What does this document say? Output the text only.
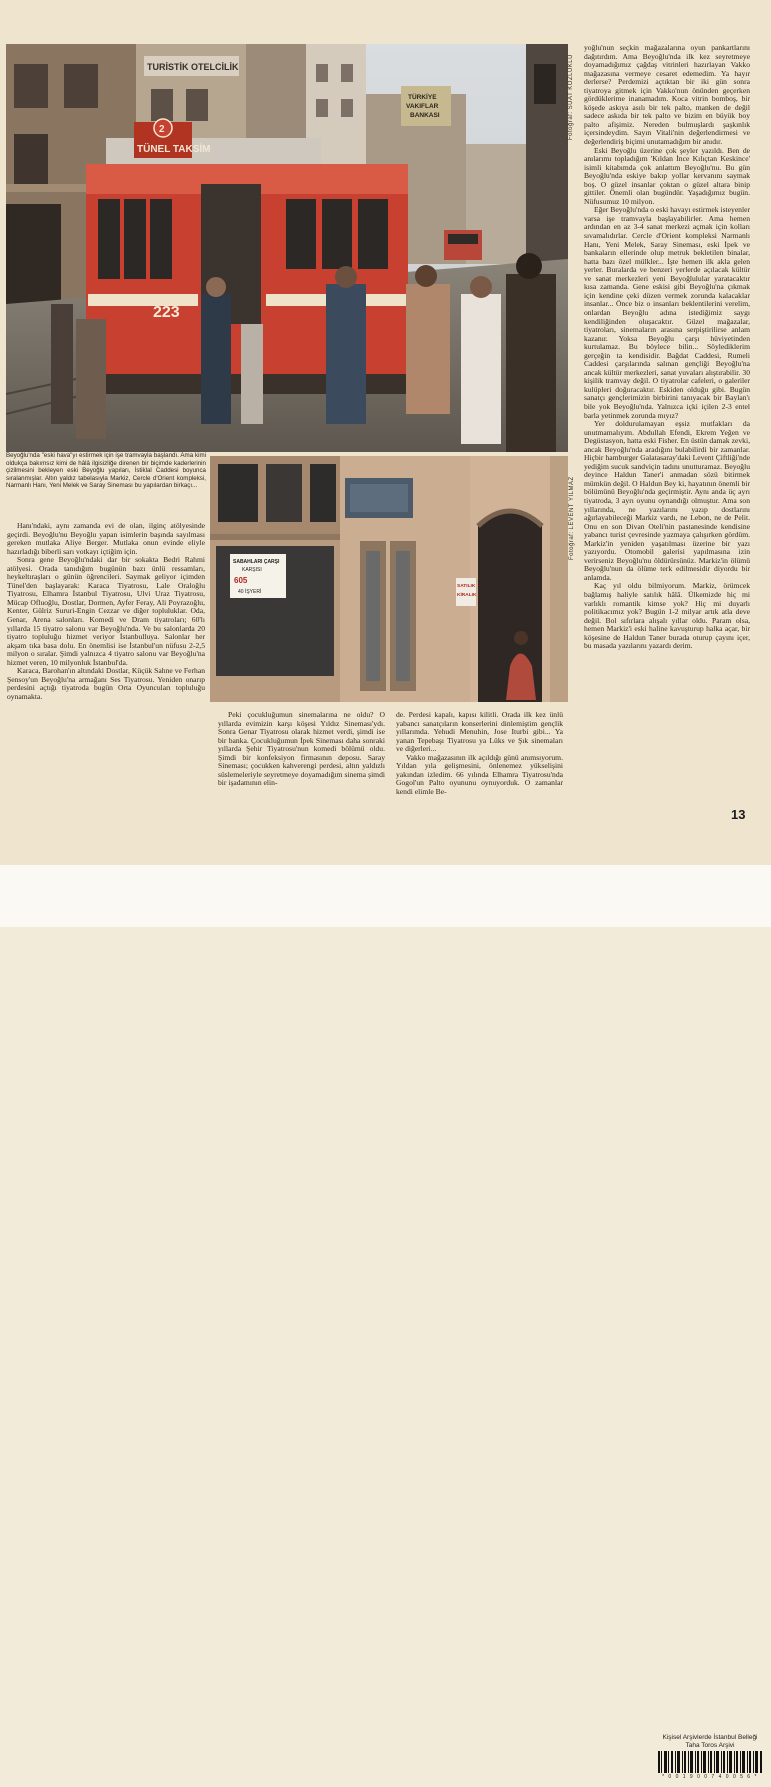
TURİSTİK OTELCİLİK
TÜRKİYE
VAKIFLAR
BANKASI
2
TÜNEL TAKSİM
223
Fotoğraf: SUAT KOZLUKLU

Beyoğlu'nda "eski hava"yı estirmek için işe tramvayla başlandı. Ama kimi oldukça bakımsız kimi de hâlâ ilgisizliğe direnen bir biçimde kaderlerinin çizilmesini bekleyen eski Beyoğlu yapıları, İstiklal Caddesi boyunca sıralanmışlar. Altın yaldız tabelasıyla Markiz, Cercle d'Orient kompleksi, Narmanlı Hanı, Yeni Melek ve Saray Sineması bu yapılardan birkaçı...

SABAHLARI ÇARŞI
KARŞISI
605
40 İŞYERİ
SATILIK
KİRALIK
Fotoğraf: LEVENT YILMAZ

Hanı'ndaki, aynı zamanda evi de olan, ilginç atölyesinde geçirdi. Beyoğlu'nu Beyoğlu yapan isimlerin başında sayılması gereken mutlaka Aliye Berger. Mutlaka onun evinde eliyle hazırladığı biberli sarı votkayı içtiğim için.

Sonra gene Beyoğlu'ndaki dar bir sokakta Bedri Rahmi atölyesi. Orada tanıdığım bugünün bazı ünlü ressamları, heykeltıraşları o günün öğrencileri. Saymak geliyor içimden Tünel'den başlayarak: Karaca Tiyatrosu, Lale Oraloğlu Tiyatrosu, Elhamra İstanbul Tiyatrosu, Ulvi Uraz Tiyatrosu, Mücap Ofluoğlu, Dostlar, Dormen, Ayfer Feray, Ali Poyrazoğlu, Kenter, Gülriz Sururi-Engin Cezzar ve diğer topluluklar. Oda, Genar, Arena salonları. Komedi ve Dram tiyatroları; 60'lı yıllarda 15 tiyatro salonu var Beyoğlu'nda. Ve bu salonlarda 20 tiyatro topluluğu hizmet veriyor İstanbulluya. Salonlar her akşam tıka basa dolu. En önemlisi ise İstanbul'un nüfusu 2-2,5 milyon o sıralar. Şimdi yalnızca 4 tiyatro salonu var Beyoğlu'na hizmet veren, 10 milyonluk İstanbul'da.

Karaca, Barohan'ın altındaki Dostlar, Küçük Sahne ve Ferhan Şensoy'un Beyoğlu'na armağanı Ses Tiyatrosu. Yeniden onarıp perdesini açtığı tiyatroda bugün Orta Oyuncuları topluluğu oynamakta.

Peki çocukluğumun sinemalarına ne oldu? O yıllarda evimizin karşı köşesi Yıldız Sineması'ydı. Sonra Genar Tiyatrosu olarak hizmet verdi, şimdi ise bir banka. Çocukluğumun İpek Sineması daha sonraki yıllarda Şehir Tiyatrosu'nun komedi bölümü oldu. Şimdi bir konfeksiyon firmasının deposu. Saray Sineması; çocukken kahverengi perdesi, altın yaldızlı süslemeleriyle seyretmeye doyamadığım sinema şimdi bir işadamının elin-

de. Perdesi kapalı, kapısı kilitli. Orada ilk kez ünlü yabancı sanatçıların konserlerini dinlemiştim gençlik yıllarımda. Yehudi Menuhin, Jose Iturbi gibi... Ya yanan Tepebaşı Tiyatrosu ya Lüks ve Şık sinemaları ve diğerleri...

Vakko mağazasının ilk açıldığı günü anımsıyorum. Yıldan yıla gelişmesini, önlenemez yükselişini yakından izledim. 66 yılında Elhamra Tiyatrosu'nda Gogol'un Palto oyununu oynuyorduk. O zamanlar kendi elimle Be-

yoğlu'nun seçkin mağazalarına oyun pankartlarını dağıtırdım. Ama Beyoğlu'nda ilk kez seyretmeye doyamadığımız çağdaş vitrinleri hazırlayan Vakko mağazasına vermeye cesaret edemedim. Ya hayır derlerse? Perdemizi açtıktan bir iki gün sonra tiyatroya gitmek için Vakko'nun önünden geçerken gördüklerime inanamadım. Koca vitrin bomboş, bir köşede askıya asılı bir tek palto, manken de değil sadece askıda bir tek palto ve bizim en büyük boy palto afişimiz. Nereden bulmuşlardı şaşkınlık içersindeydim. Sayın Vitali'nin değerlendirmesi ve değerlendiriş biçimi unutamadığım bir anıdır.

Eski Beyoğlu üzerine çok şeyler yazıldı. Ben de anılarımı topladığım 'Kıldan İnce Kılıçtan Keskince' isimli kitabımda çok anlattım Beyoğlu'nu. Bu gün Beyoğlu'nda eskiye bakıp yollar kervanını saymak boş. O güzel insanlar çoktan o güzel altara binip gittiler. Önemli olan bugündür. Yaşadığımız bugün. Nüfusumuz 10 milyon.

Eğer Beyoğlu'nda o eski havayı estirmek isteyenler varsa işe tramvayla başlayabilirler. Ama hemen ardından en az 3-4 sanat merkezi açmak için kolları sıvamalıdırlar. Cercle d'Orient kompleksi Narmanlı Hanı, Yeni Melek, Saray Sineması, eski İpek ve bankaların ellerinde olup metruk bekletilen binalar, hatta bazı özel mülkler... İşte hemen ilk akla gelen yerler. Buralarda ve benzeri yerlerde açılacak kültür ve sanat merkezleri yeni Beyoğlulular yaratacaktır kısa zamanda. Gene eskisi gibi Beyoğlu'na çıkmak için kendine çeki düzen vermek zorunda kalacaklar insanlar... Önce biz o insanları beklentilerini verelim, onlardan Beyoğlu adına istediğimiz saygı kendiliğinden oluşacaktır. Güzel mağazalar, tiyatroları, sinemaların arasına serpiştirilirse anlam kazanır. Yoksa Beyoğlu çarşı hüviyetinden kurtulamaz. Bu böylece bilin... Söylediklerim gerçeğin ta kendisidir. Bağdat Caddesi, Rumeli Caddesi çarşılarında salınan gençliği Beyoğlu'na ancak kültür merkezleri, sanat yuvaları alıştırabilir. 30 kişilik tramvay değil. O tiyatrolar cafeleri, o galeriler kulüpleri doğuracaktır. Eskiden olduğu gibi. Bugün sanatçı gençlerimizin birbirini tanıyacak bir Baylan'ı bile yok Beyoğlu'nda. Yalnızca içki içilen 2-3 entel barla yetinmek zorunda mıyız?

Yer doldurulamayan eşsiz mutfakları da unutmamalıyım. Abdullah Efendi, Ekrem Yeğen ve Degüstasyon, hatta eski Fisher. En üstün damak zevki, ancak Beyoğlu'nda aradığını bulabilirdi bir zamanlar. Hiçbir hamburger Galatasaray'daki Levent Çiftliği'nde yediğim sucuk sandviçin tadını unutturamaz. Beyoğlu deyince Haldun Taner'i anmadan sözü bitirmek mümkün değil. O Haldun Bey ki, hayatının önemli bir bölümünü Beyoğlu'nda geçirmiştir. Aynı anda üç ayrı tiyatroda, 3 ayrı oyunu oynandığı olmuştur. Ama son yıllarında, ne yazılarını yazıp dostlarını ağırlayabileceği Markiz vardı, ne Lebon, ne de Pelit. Onu en son Divan Oteli'nin pastanesinde kendisine yabancı turist çevresinde yazmaya çalışırken gördüm. Markiz'in yeniden yaşatılması üzerine bir yazı yazıyordu. Otomobil galerisi yapılmasına izin verirseniz Beyoğlu'nu öldürürsünüz. Markiz'in ölümü Beyoğlu'nun da ölüme terk edilmesidir diyordu bir anlamda.

Kaç yıl oldu bilmiyorum. Markiz, örümcek bağlamış haliyle satılık hâlâ. Ülkemizde hiç mi varlıklı romantik kimse yok? Hiç mi duyarlı politikacımız yok? Bugün 1-2 milyar artık atla deve değil. Bol sıfırlara alışalı yıllar oldu. Param olsa, hemen Markiz'i eski haline kavuşturup halka açar, bir köşesine de Haldun Taner burada oturup çayını içer, bu masada yazılarını yazardı derim.

13
Kişisel Arşivlerde İstanbul Belleği
Taha Toros Arşivi
* 0 0 1 9 0 0 7 4 0 0 5 6 *
